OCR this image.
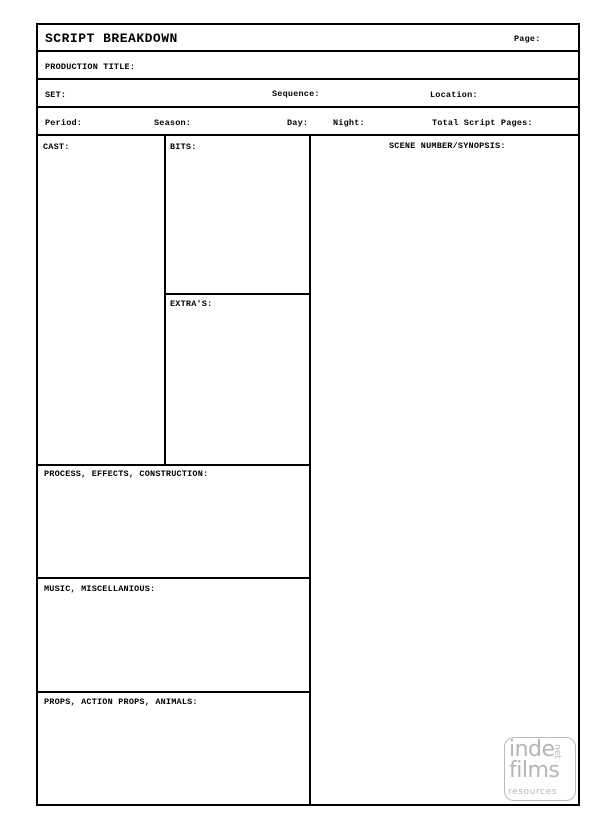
SCRIPT BREAKDOWN	Page:
PRODUCTION TITLE:
SET:	Sequence:	Location:
Period:	Season:	Day:	Night:	Total Script Pages:
CAST:	BITS:
EXTRA'S:
SCENE NUMBER/SYNOPSIS:
PROCESS, EFFECTS, CONSTRUCTION:
MUSIC, MISCELLANIOUS:
PROPS, ACTION PROPS, ANIMALS:
inde
net
films
resources
